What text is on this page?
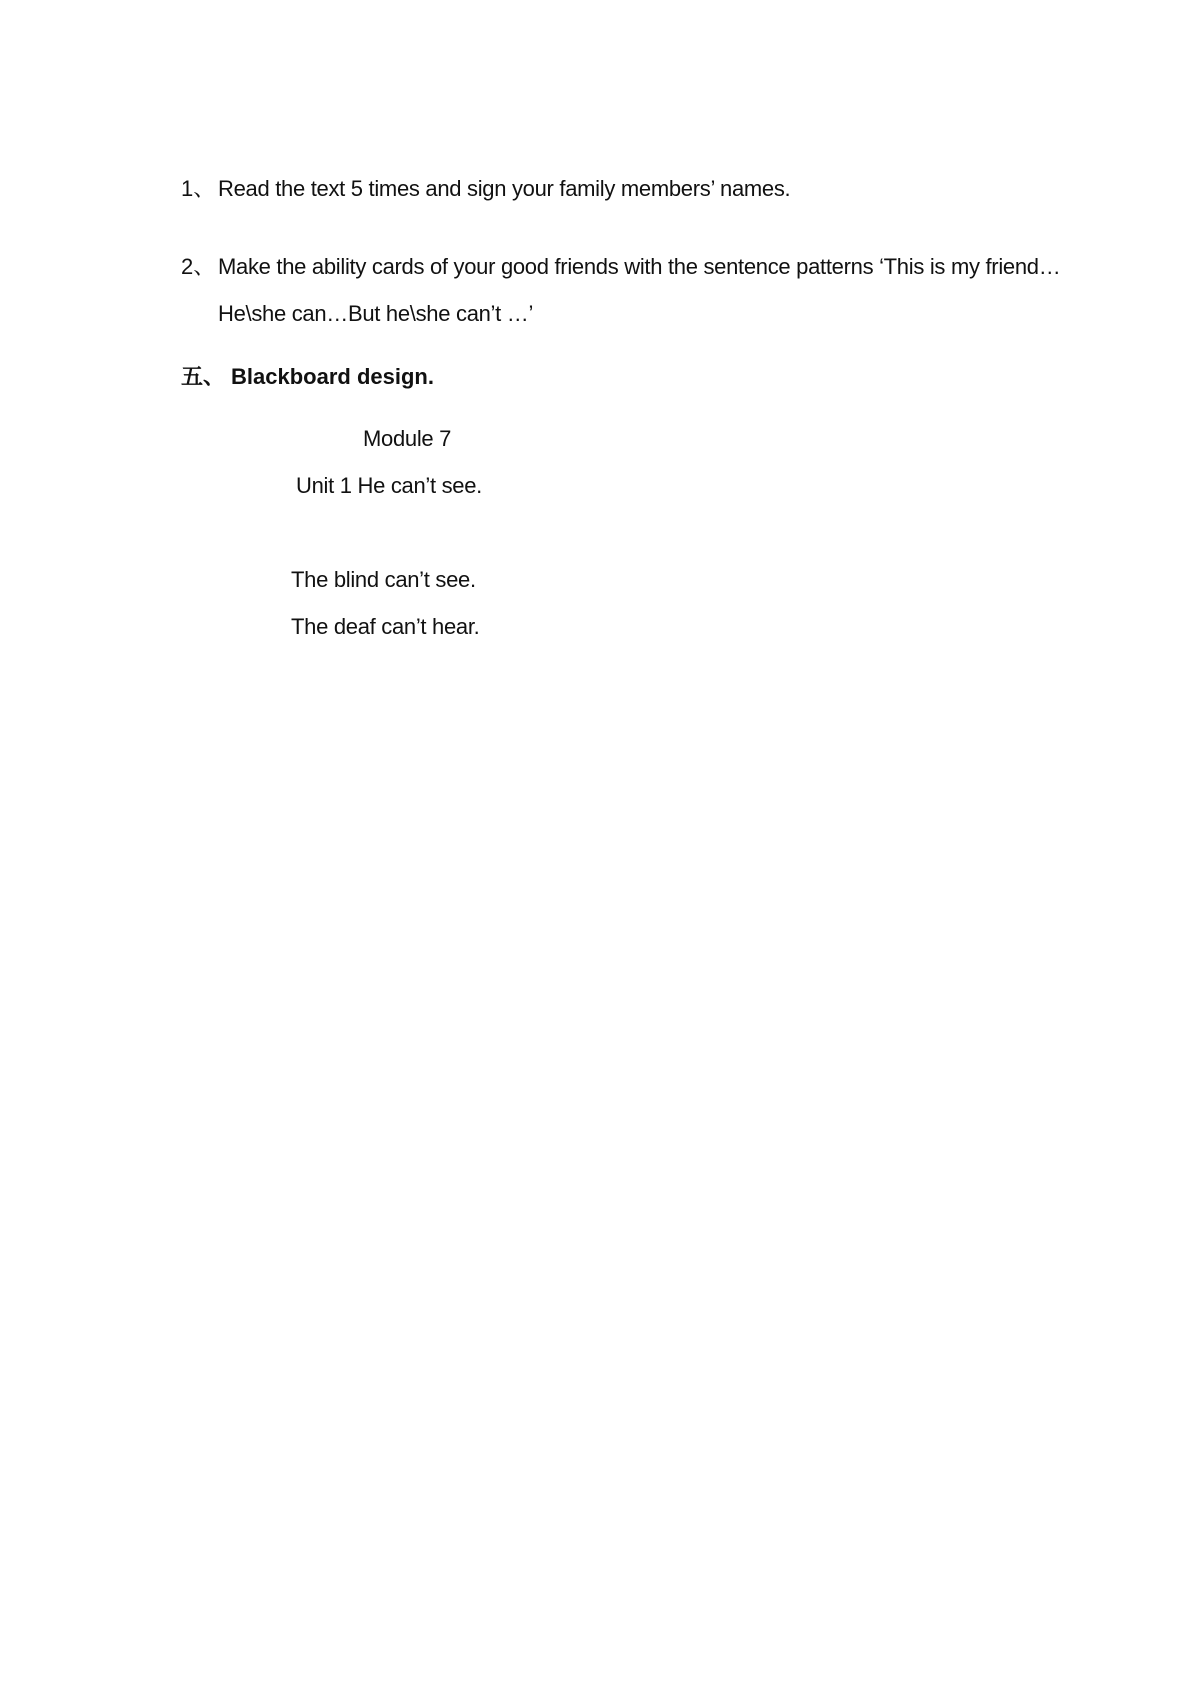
1、 Read the text 5 times and sign your family members’ names.
2、 Make the ability cards of your good friends with the sentence patterns ‘This is my friend…
He\she can…But he\she can’t …’
五、 Blackboard design.
Module 7
Unit 1 He can’t see.
The blind can’t see.
The deaf can’t hear.
